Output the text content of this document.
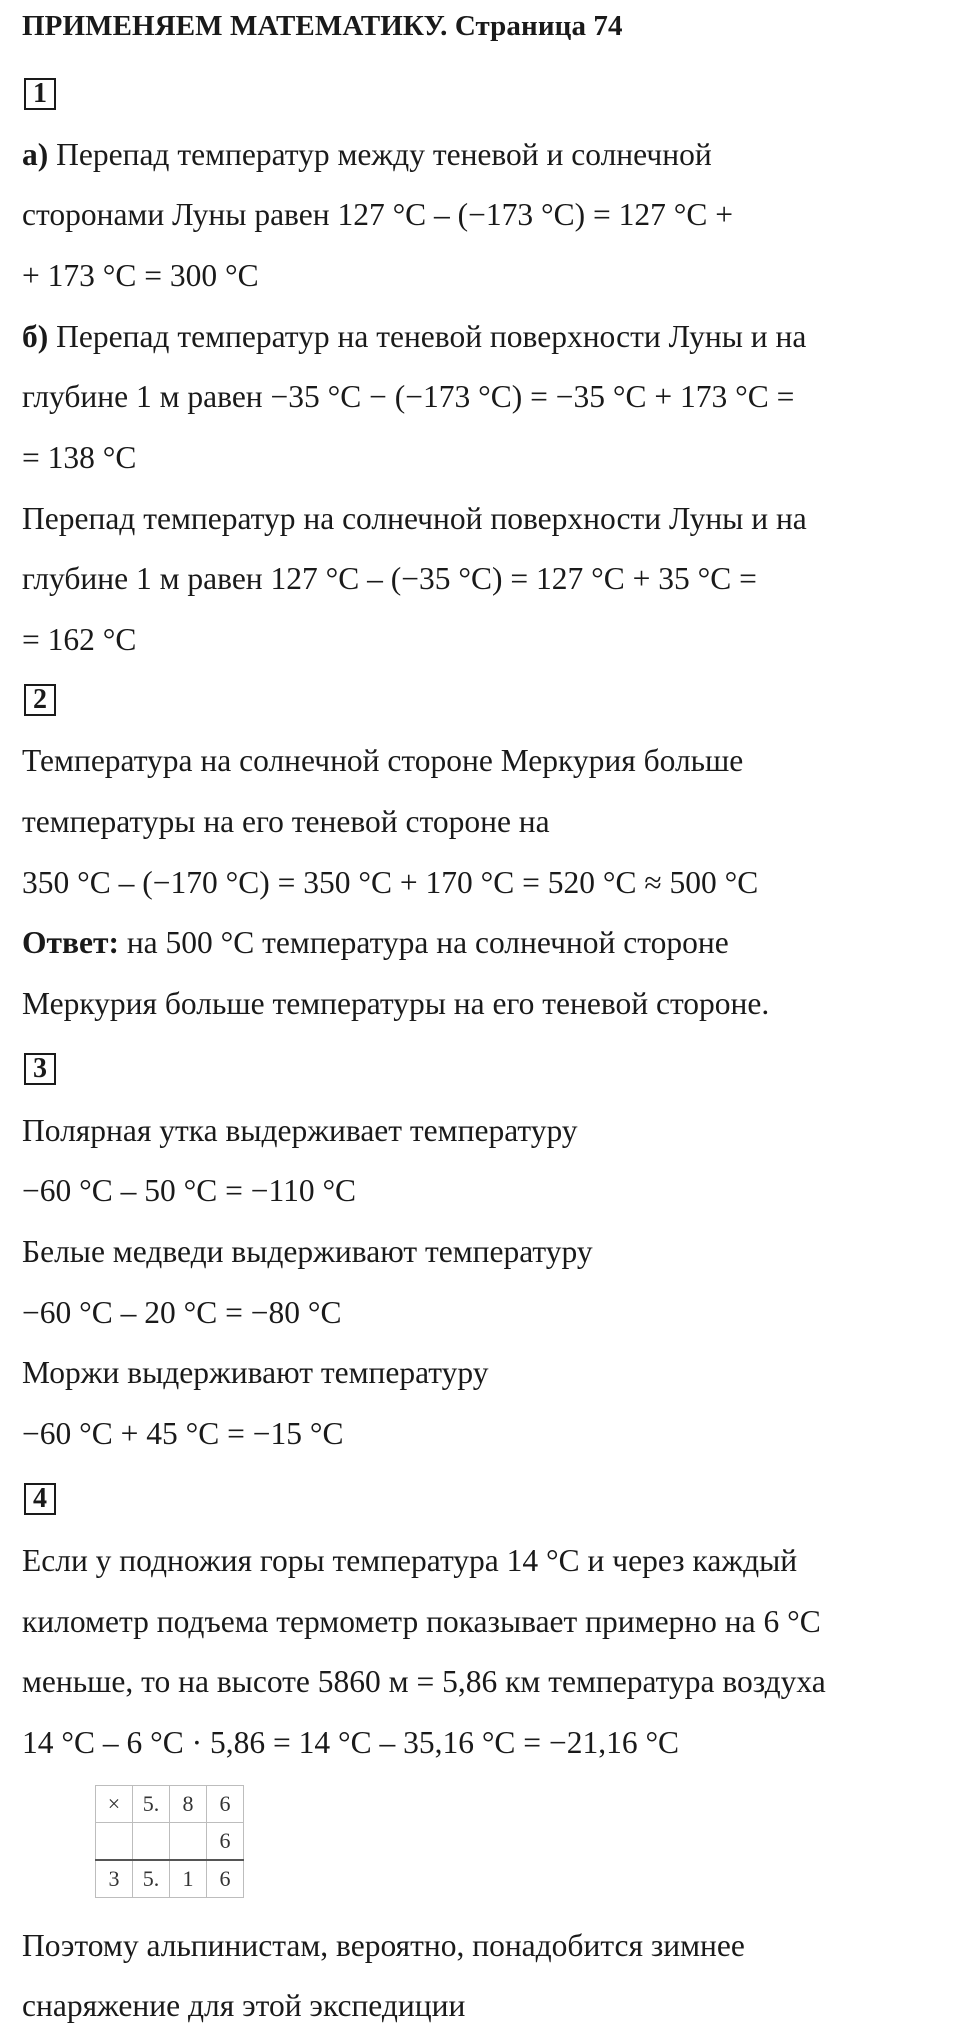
ПРИМЕНЯЕМ МАТЕМАТИКУ. Страница 74
1
а) Перепад температур между теневой и солнечной
сторонами Луны равен 127 °C – (−173 °C) = 127 °C +
+ 173 °C = 300 °C
б) Перепад температур на теневой поверхности Луны и на
глубине 1 м равен −35 °C − (−173 °C) = −35 °C + 173 °C =
= 138 °C
Перепад температур на солнечной поверхности Луны и на
глубине 1 м равен 127 °C – (−35 °C) = 127 °C + 35 °C =
= 162 °C
2
Температура на солнечной стороне Меркурия больше
температуры на его теневой стороне на
350 °C – (−170 °C) = 350 °C + 170 °C = 520 °C ≈ 500 °C
Ответ: на 500 °C температура на солнечной стороне
Меркурия больше температуры на его теневой стороне.
3
Полярная утка выдерживает температуру
−60 °C – 50 °C = −110 °C
Белые медведи выдерживают температуру
−60 °C – 20 °C = −80 °C
Моржи выдерживают температуру
−60 °C + 45 °C = −15 °C
4
Если у подножия горы температура 14 °C и через каждый
километр подъема термометр показывает примерно на 6 °C
меньше, то на высоте 5860 м = 5,86 км температура воздуха
14 °C – 6 °C · 5,86 = 14 °C – 35,16 °C = −21,16 °C
×	5.	8	6
			6
3	5.	1	6
Поэтому альпинистам, вероятно, понадобится зимнее
снаряжение для этой экспедиции
